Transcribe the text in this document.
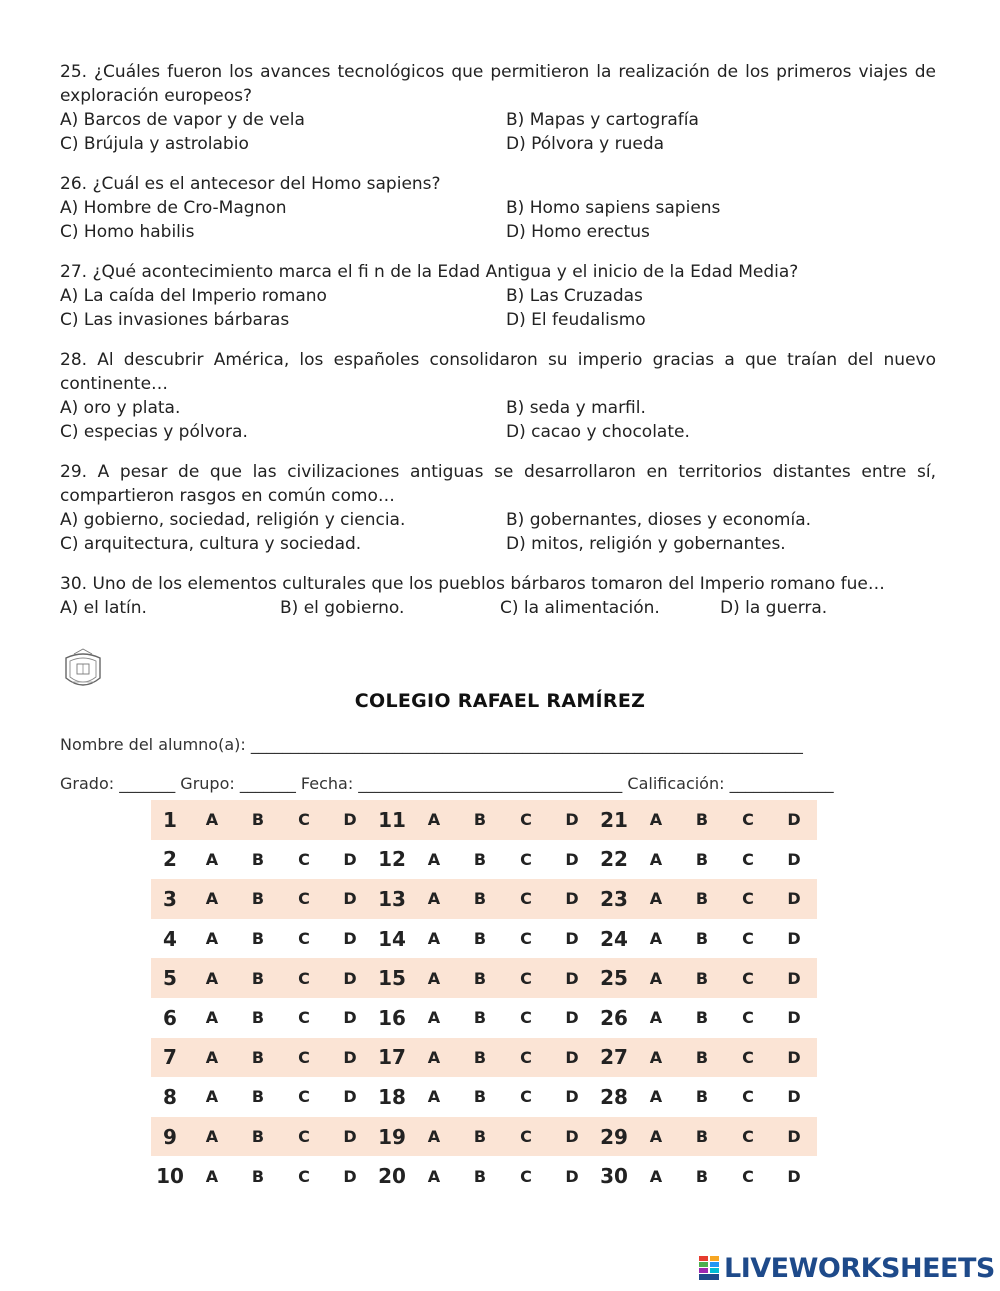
25. ¿Cuáles fueron los avances tecnológicos que permitieron la realización de los primeros viajes de exploración europeos?
A) Barcos de vapor y de vela	B) Mapas y cartografía
C) Brújula y astrolabio	D) Pólvora y rueda
26. ¿Cuál es el antecesor del Homo sapiens?
A) Hombre de Cro-Magnon	B) Homo sapiens sapiens
C) Homo habilis	D) Homo erectus
27. ¿Qué acontecimiento marca el fi n de la Edad Antigua y el inicio de la Edad Media?
A) La caída del Imperio romano	B) Las Cruzadas
C) Las invasiones bárbaras	D) El feudalismo
28. Al descubrir América, los españoles consolidaron su imperio gracias a que traían del nuevo continente…
A) oro y plata.	B) seda y marfil.
C) especias y pólvora.	D) cacao y chocolate.
29. A pesar de que las civilizaciones antiguas se desarrollaron en territorios distantes entre sí, compartieron rasgos en común como…
A) gobierno, sociedad, religión y ciencia.	B) gobernantes, dioses y economía.
C) arquitectura, cultura y sociedad.	D) mitos, religión y gobernantes.
30. Uno de los elementos culturales que los pueblos bárbaros tomaron del Imperio romano fue…
A) el latín.	B) el gobierno.	C) la alimentación.	D) la guerra.
COLEGIO RAFAEL RAMÍREZ
Nombre del alumno(a): _____________________________________________________________________
Grado: _______ Grupo: _______ Fecha: _________________________________ Calificación: _____________
1	A	B	C	D	11	A	B	C	D	21	A	B	C	D
2	A	B	C	D	12	A	B	C	D	22	A	B	C	D
3	A	B	C	D	13	A	B	C	D	23	A	B	C	D
4	A	B	C	D	14	A	B	C	D	24	A	B	C	D
5	A	B	C	D	15	A	B	C	D	25	A	B	C	D
6	A	B	C	D	16	A	B	C	D	26	A	B	C	D
7	A	B	C	D	17	A	B	C	D	27	A	B	C	D
8	A	B	C	D	18	A	B	C	D	28	A	B	C	D
9	A	B	C	D	19	A	B	C	D	29	A	B	C	D
10	A	B	C	D	20	A	B	C	D	30	A	B	C	D
LIVEWORKSHEETS
